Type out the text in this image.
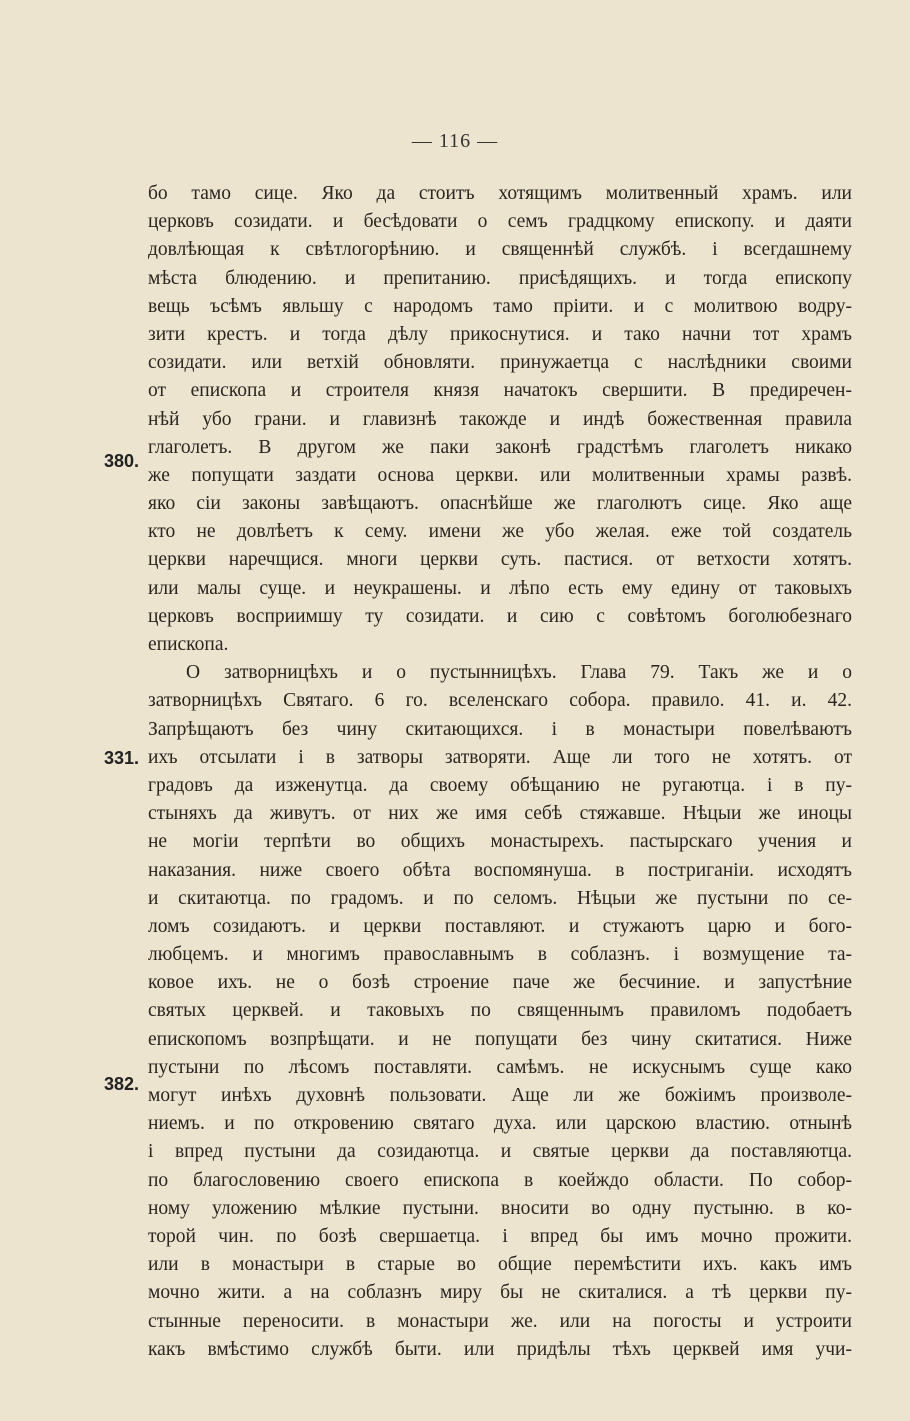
— 116 —
380.
331.
382.
бо тамо сице. Яко да стоитъ хотящимъ молитвенный храмъ. или
церковъ созидати. и бесѣдовати о семъ градцкому епископу. и даяти
довлѣющая к свѣтлогорѣнию. и священнѣй службѣ. і всегдашнему
мѣста блюдению. и препитанию. присѣдящихъ. и тогда епископу
вещь ъсѣмъ явльшу с народомъ тамо пріити. и с молитвою водру-
зити крестъ. и тогда дѣлу прикоснутися. и тако начни тот храмъ
созидати. или ветхій обновляти. принужаетца с наслѣдники своими
от епископа и строителя князя начатокъ свершити. В предиречен-
нѣй убо грани. и главизнѣ такожде и индѣ божественная правила
глаголетъ. В другом же паки законѣ градстѣмъ глаголетъ никако
же попущати заздати основа церкви. или молитвенныи храмы развѣ.
яко сіи законы завѣщаютъ. опаснѣйше же глаголютъ сице. Яко аще
кто не довлѣетъ к сему. имени же убо желая. еже той создатель
церкви наречщися. многи церкви суть. пастися. от ветхости хотятъ.
или малы суще. и неукрашены. и лѣпо есть ему едину от таковыхъ
церковъ восприимшу ту созидати. и сию с совѣтомъ боголюбезнаго
епископа.
О затворницѣхъ и о пустынницѣхъ. Глава 79. Такъ же и о
затворницѣхъ Святаго. 6 го. вселенскаго собора. правило. 41. и. 42.
Запрѣщаютъ без чину скитающихся. і в монастыри повелѣваютъ
ихъ отсылати і в затворы затворяти. Аще ли того не хотятъ. от
градовъ да изженутца. да своему обѣщанию не ругаютца. і в пу-
стыняхъ да живутъ. от них же имя себѣ стяжавше. Нѣцыи же иноцы
не могіи терпѣти во общихъ монастырехъ. пастырскаго учения и
наказания. ниже своего обѣта воспомянуша. в постриганіи. исходятъ
и скитаютца. по градомъ. и по селомъ. Нѣцыи же пустыни по се-
ломъ созидаютъ. и церкви поставляют. и стужаютъ царю и бого-
любцемъ. и многимъ православнымъ в соблазнъ. і возмущение та-
ковое ихъ. не о бозѣ строение паче же бесчиние. и запустѣние
святых церквей. и таковыхъ по священнымъ правиломъ подобаетъ
епископомъ возпрѣщати. и не попущати без чину скитатися. Ниже
пустыни по лѣсомъ поставляти. самѣмъ. не искуснымъ суще како
могут инѣхъ духовнѣ пользовати. Аще ли же божіимъ произволе-
ниемъ. и по откровению святаго духа. или царскою властию. отнынѣ
і впред пустыни да созидаютца. и святые церкви да поставляютца.
по благословению своего епископа в коейждо области. По собор-
ному уложению мѣлкие пустыни. вносити во одну пустыню. в ко-
торой чин. по бозѣ свершаетца. і впред бы имъ мочно прожити.
или в монастыри в старые во общие перемѣстити ихъ. какъ имъ
мочно жити. а на соблазнъ миру бы не скиталися. а тѣ церкви пу-
стынные переносити. в монастыри же. или на погосты и устроити
какъ вмѣстимо службѣ быти. или придѣлы тѣхъ церквей имя учи-
